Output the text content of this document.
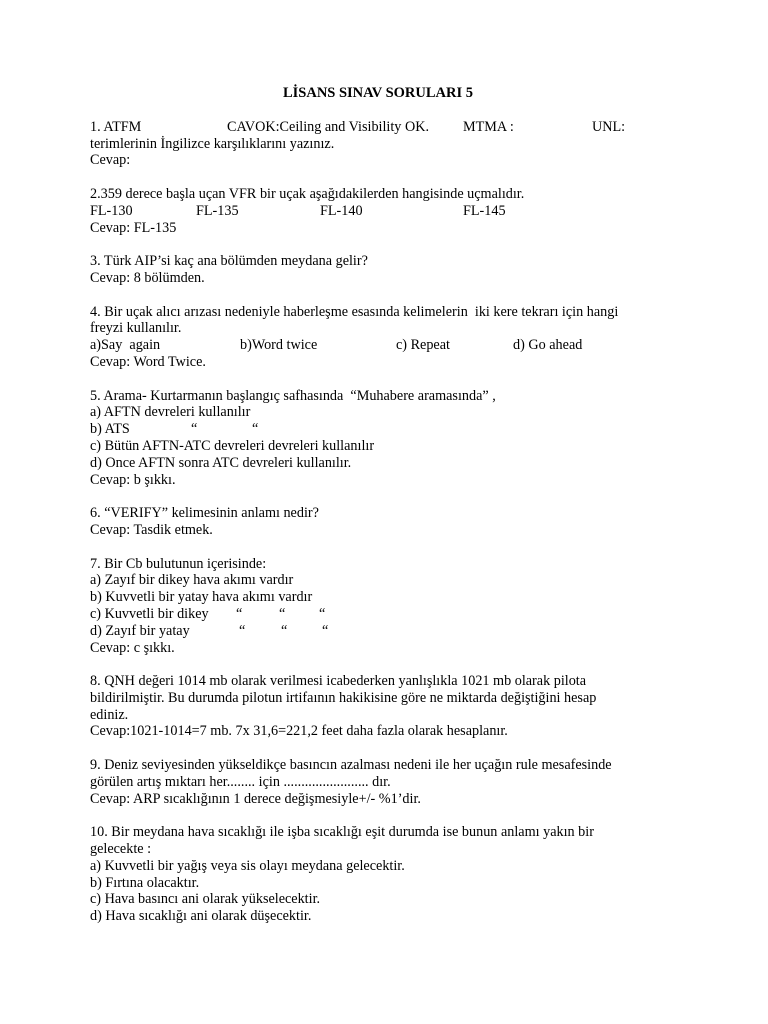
LİSANS SINAV SORULARI 5
1. ATFM	CAVOK:Ceiling and Visibility OK. MTMA :	UNL:
terimlerinin İngilizce karşılıklarını yazınız.
Cevap:
2.359 derece başla uçan VFR bir uçak aşağıdakilerden hangisinde uçmalıdır.
FL-130	FL-135	FL-140	FL-145
Cevap: FL-135
3. Türk AIP’si kaç ana bölümden meydana gelir?
Cevap: 8 bölümden.
4. Bir uçak alıcı arızası nedeniyle haberleşme esasında kelimelerin  iki kere tekrarı için hangi
freyzi kullanılır.
a)Say  again	b)Word twice	c) Repeat	d) Go ahead
Cevap: Word Twice.
5. Arama- Kurtarmanın başlangıç safhasında  “Muhabere aramasında” ,
a) AFTN devreleri kullanılır
b) ATS	“	“
c) Bütün AFTN-ATC devreleri devreleri kullanılır
d) Once AFTN sonra ATC devreleri kullanılır.
Cevap: b şıkkı.
6. “VERIFY” kelimesinin anlamı nedir?
Cevap: Tasdik etmek.
7. Bir Cb bulutunun içerisinde:
a) Zayıf bir dikey hava akımı vardır
b) Kuvvetli bir yatay hava akımı vardır
c) Kuvvetli bir dikey “	“ “
d) Zayıf bir yatay	“	“ “
Cevap: c şıkkı.
8. QNH değeri 1014 mb olarak verilmesi icabederken yanlışlıkla 1021 mb olarak pilota
bildirilmiştir. Bu durumda pilotun irtifaının hakikisine göre ne miktarda değiştiğini hesap
ediniz.
Cevap:1021-1014=7 mb. 7x 31,6=221,2 feet daha fazla olarak hesaplanır.
9. Deniz seviyesinden yükseldikçe basıncın azalması nedeni ile her uçağın rule mesafesinde
görülen artış mıktarı her........ için ........................ dır.
Cevap: ARP sıcaklığının 1 derece değişmesiyle+/- %1’dir.
10. Bir meydana hava sıcaklığı ile işba sıcaklığı eşit durumda ise bunun anlamı yakın bir
gelecekte :
a) Kuvvetli bir yağış veya sis olayı meydana gelecektir.
b) Fırtına olacaktır.
c) Hava basıncı ani olarak yükselecektir.
d) Hava sıcaklığı ani olarak düşecektir.
